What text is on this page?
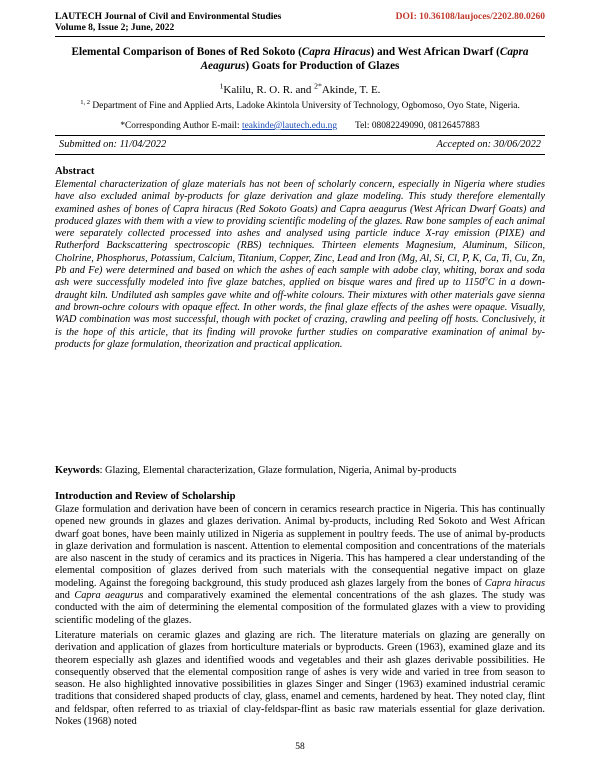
LAUTECH Journal of Civil and Environmental Studies
Volume 8, Issue 2; June, 2022
DOI: 10.36108/laujoces/2202.80.0260
Elemental Comparison of Bones of Red Sokoto (Capra Hiracus) and West African Dwarf (Capra Aeagurus) Goats for Production of Glazes
$^1$Kalilu, R. O. R. and $^{2*}$Akinde, T. E.
$^{1, 2}$ Department of Fine and Applied Arts, Ladoke Akintola University of Technology, Ogbomoso, Oyo State, Nigeria.
*Corresponding Author E-mail: teakinde@lautech.edu.ng Tel: 08082249090, 08126457883
Submitted on: 11/04/2022	Accepted on: 30/06/2022
Abstract
Elemental characterization of glaze materials has not been of scholarly concern, especially in Nigeria where studies have also excluded animal by-products for glaze derivation and glaze modeling. This study therefore elementally examined ashes of bones of Capra hiracus (Red Sokoto Goats) and Capra aeagurus (West African Dwarf Goats) and produced glazes with them with a view to providing scientific modeling of the glazes. Raw bone samples of each animal were separately collected processed into ashes and analysed using particle induce X-ray emission (PIXE) and Rutherford Backscattering spectroscopic (RBS) techniques. Thirteen elements Magnesium, Aluminum, Silicon, Cholrine, Phosphorus, Potassium, Calcium, Titanium, Copper, Zinc, Lead and Iron (Mg, Al, Si, Cl, P, K, Ca, Ti, Cu, Zn, Pb and Fe) were determined and based on which the ashes of each sample with adobe clay, whiting, borax and soda ash were successfully modeled into five glaze batches, applied on bisque wares and fired up to 1150$^o$C in a down-draught kiln. Undiluted ash samples gave white and off-white colours. Their mixtures with other materials gave sienna and brown-ochre colours with opaque effect. In other words, the final glaze effects of the ashes were opaque. Visually, WAD combination was most successful, though with pocket of crazing, crawling and peeling off hosts. Conclusively, it is the hope of this article, that its finding will provoke further studies on comparative examination of animal by-products for glaze formulation, theorization and practical application.
Keywords: Glazing, Elemental characterization, Glaze formulation, Nigeria, Animal by-products
Introduction and Review of Scholarship
Glaze formulation and derivation have been of concern in ceramics research practice in Nigeria. This has continually opened new grounds in glazes and glazes derivation. Animal by-products, including Red Sokoto and West African dwarf goat bones, have been mainly utilized in Nigeria as supplement in poultry feeds. The use of animal by-products in glaze derivation and formulation is nascent. Attention to elemental composition and concentrations of the materials are also nascent in the study of ceramics and its practices in Nigeria. This has hampered a clear understanding of the elemental composition of glazes derived from such materials with the consequential negative impact on glaze modeling. Against the foregoing background, this study produced ash glazes largely from the bones of Capra hiracus and Capra aeagurus and comparatively examined the elemental concentrations of the ash glazes. The study was conducted with the aim of determining the elemental composition of the formulated glazes with a view to providing scientific modeling of the glazes.
Literature materials on ceramic glazes and glazing are rich. The literature materials on glazing are generally on derivation and application of glazes from horticulture materials or byproducts. Green (1963), examined glaze and its theorem especially ash glazes and identified woods and vegetables and their ash glazes derivable possibilities. He consequently observed that the elemental composition range of ashes is very wide and varied in tree from season to season. He also highlighted innovative possibilities in glazes Singer and Singer (1963) examined industrial ceramic traditions that considered shaped products of clay, glass, enamel and cements, hardened by heat. They noted clay, flint and feldspar, often referred to as triaxial of clay-feldspar-flint as basic raw materials essential for glaze derivation. Nokes (1968) noted
58
